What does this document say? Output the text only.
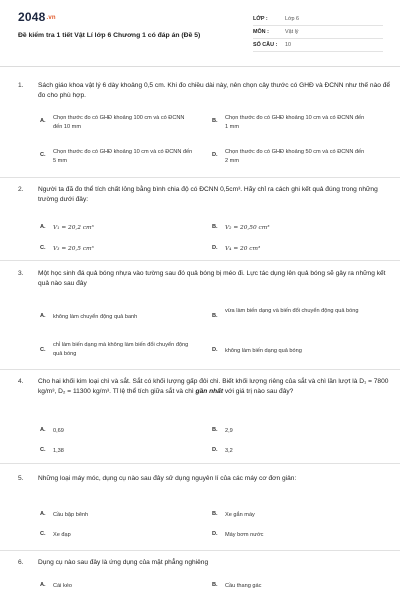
2048.vn
Đề kiểm tra 1 tiết Vật Lí lớp 6 Chương 1 có đáp án (Đề 5)
LỚP :	Lớp 6
MÔN :	Vật lý
SỐ CÂU : 10
1. Sách giáo khoa vật lý 6 dày khoảng 0,5 cm. Khi đo chiều dài này, nên chọn cây thước có GHĐ và ĐCNN như thế nào để đo cho phù hợp.
A. Chọn thước đo có GHĐ khoảng 100 cm và có ĐCNN đến 10 mm
B. Chọn thước đo có GHĐ khoảng 10 cm và có ĐCNN đến 1 mm
C. Chọn thước đo có GHĐ khoảng 10 cm và có ĐCNN đến 5 mm
D. Chọn thước đo có GHĐ khoảng 50 cm và có ĐCNN đến 2 mm
2. Người ta đã đo thể tích chất lỏng bằng bình chia độ có ĐCNN 0,5cm³. Hãy chỉ ra cách ghi kết quả đúng trong những trường dưới đây:
A. V₁ = 20,2 cm³	B. V₂ = 20,50 cm³
C. V₃ = 20,5 cm³	D. V₄ = 20 cm³
3. Một học sinh đá quả bóng nhựa vào tường sau đó quả bóng bị méo đi. Lực tác dụng lên quả bóng sẽ gây ra những kết quả nào sau đây
A. không làm chuyển động quả banh	B.
vừa làm biến dạng và biến đổi chuyển động quả bóng
C.
chỉ làm biến dạng mà không làm biến đổi chuyển động quả bóng
D. không làm biến dạng quả bóng
4. Cho hai khối kim loại chì và sắt. Sắt có khối lượng gấp đôi chì. Biết khối lượng riêng của sắt và chì lần lượt là D₁ = 7800 kg/m³, D₂ = 11300 kg/m³. Tỉ lệ thể tích giữa sắt và chì gần nhất với giá trị nào sau đây?
A. 0,69	B. 2,9
C. 1,38	D. 3,2
5. Những loại máy móc, dụng cụ nào sau đây sử dụng nguyên lí của các máy cơ đơn giản:
A. Cầu bập bênh	B. Xe gắn máy
C. Xe đạp	D. Máy bơm nước
6. Dụng cụ nào sau đây là ứng dụng của mặt phẳng nghiêng
A. Cái kéo	B. Cầu thang gác
